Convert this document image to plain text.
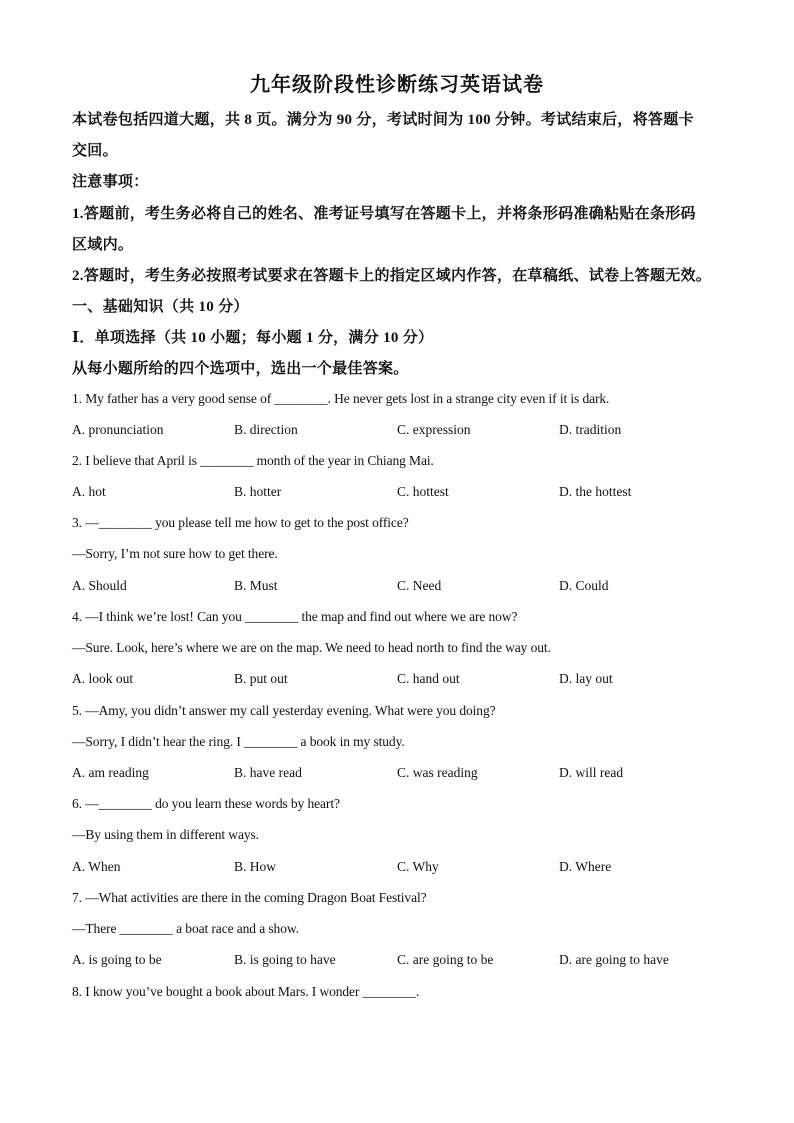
九年级阶段性诊断练习英语试卷
本试卷包括四道大题，共 8 页。满分为 90 分，考试时间为 100 分钟。考试结束后，将答题卡
交回。
注意事项：
1.答题前，考生务必将自己的姓名、准考证号填写在答题卡上，并将条形码准确粘贴在条形码
区域内。
2.答题时，考生务必按照考试要求在答题卡上的指定区域内作答，在草稿纸、试卷上答题无效。
一、基础知识（共 10 分）
Ⅰ．单项选择（共 10 小题；每小题 1 分，满分 10 分）
从每小题所给的四个选项中，选出一个最佳答案。
1. My father has a very good sense of ________. He never gets lost in a strange city even if it is dark.
A. pronunciation	B. direction	C. expression	D. tradition
2. I believe that April is ________ month of the year in Chiang Mai.
A. hot	B. hotter	C. hottest	D. the hottest
3. —________ you please tell me how to get to the post office?
—Sorry, I’m not sure how to get there.
A. Should	B. Must	C. Need	D. Could
4. —I think we’re lost! Can you ________ the map and find out where we are now?
—Sure. Look, here’s where we are on the map. We need to head north to find the way out.
A. look out	B. put out	C. hand out	D. lay out
5. —Amy, you didn’t answer my call yesterday evening. What were you doing?
—Sorry, I didn’t hear the ring. I ________ a book in my study.
A. am reading	B. have read	C. was reading	D. will read
6. —________ do you learn these words by heart?
—By using them in different ways.
A. When	B. How	C. Why	D. Where
7. —What activities are there in the coming Dragon Boat Festival?
—There ________ a boat race and a show.
A. is going to be	B. is going to have	C. are going to be	D. are going to have
8. I know you’ve bought a book about Mars. I wonder ________.
